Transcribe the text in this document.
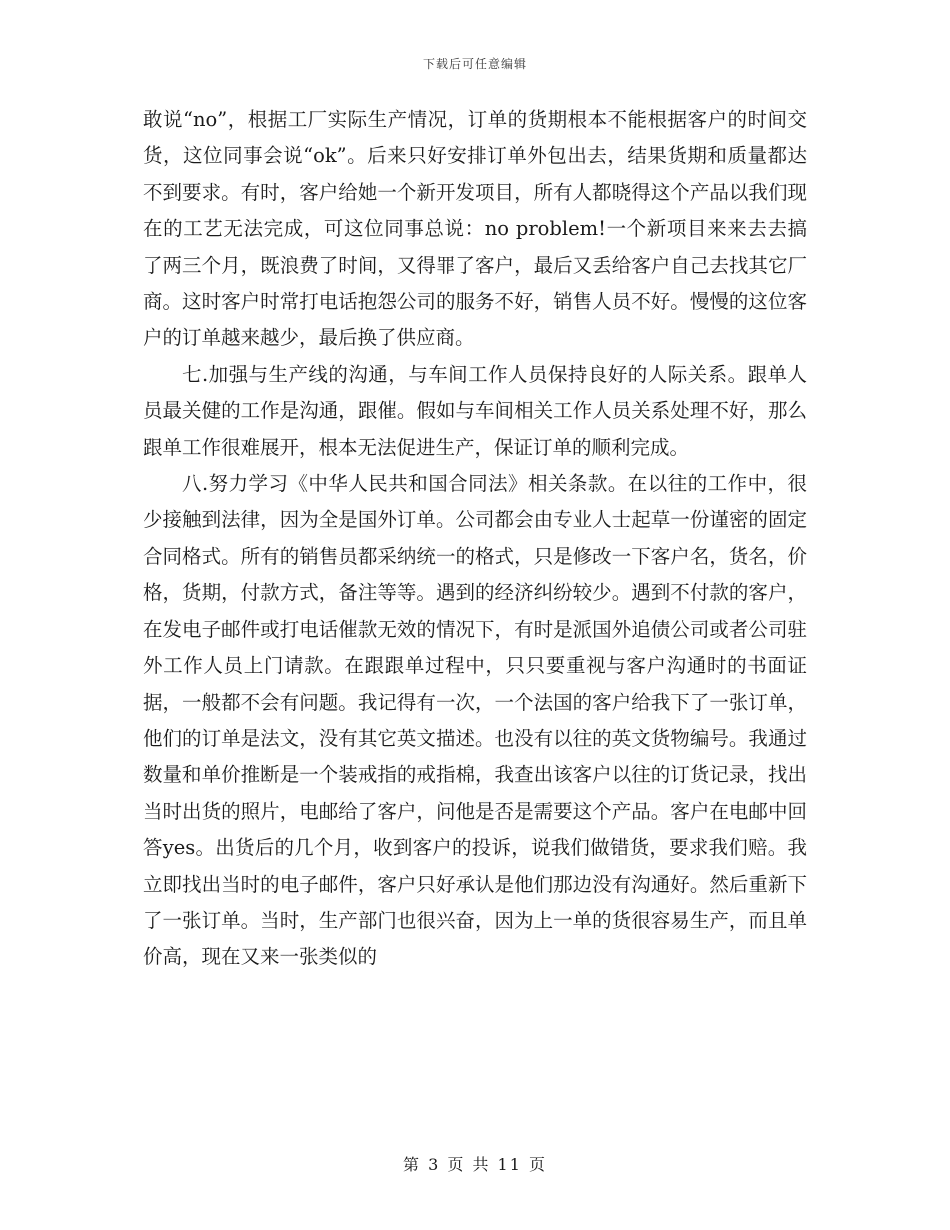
下载后可任意编辑

敢说“no”，根据工厂实际生产情况，订单的货期根本不能根据客户的时间交货，这位同事会说“ok”。后来只好安排订单外包出去，结果货期和质量都达不到要求。有时，客户给她一个新开发项目，所有人都晓得这个产品以我们现在的工艺无法完成，可这位同事总说：no problem!一个新项目来来去去搞了两三个月，既浪费了时间，又得罪了客户，最后又丢给客户自己去找其它厂商。这时客户时常打电话抱怨公司的服务不好，销售人员不好。慢慢的这位客户的订单越来越少，最后换了供应商。

七.加强与生产线的沟通，与车间工作人员保持良好的人际关系。跟单人员最关健的工作是沟通，跟催。假如与车间相关工作人员关系处理不好，那么跟单工作很难展开，根本无法促进生产，保证订单的顺利完成。

八.努力学习《中华人民共和国合同法》相关条款。在以往的工作中，很少接触到法律，因为全是国外订单。公司都会由专业人士起草一份谨密的固定合同格式。所有的销售员都采纳统一的格式，只是修改一下客户名，货名，价格，货期，付款方式，备注等等。遇到的经济纠纷较少。遇到不付款的客户，在发电子邮件或打电话催款无效的情况下，有时是派国外追债公司或者公司驻外工作人员上门请款。在跟跟单过程中，只只要重视与客户沟通时的书面证据，一般都不会有问题。我记得有一次，一个法国的客户给我下了一张订单，他们的订单是法文，没有其它英文描述。也没有以往的英文货物编号。我通过数量和单价推断是一个装戒指的戒指棉，我查出该客户以往的订货记录，找出当时出货的照片，电邮给了客户，问他是否是需要这个产品。客户在电邮中回答yes。出货后的几个月，收到客户的投诉，说我们做错货，要求我们赔。我立即找出当时的电子邮件，客户只好承认是他们那边没有沟通好。然后重新下了一张订单。当时，生产部门也很兴奋，因为上一单的货很容易生产，而且单价高，现在又来一张类似的

第 3 页 共 11 页
